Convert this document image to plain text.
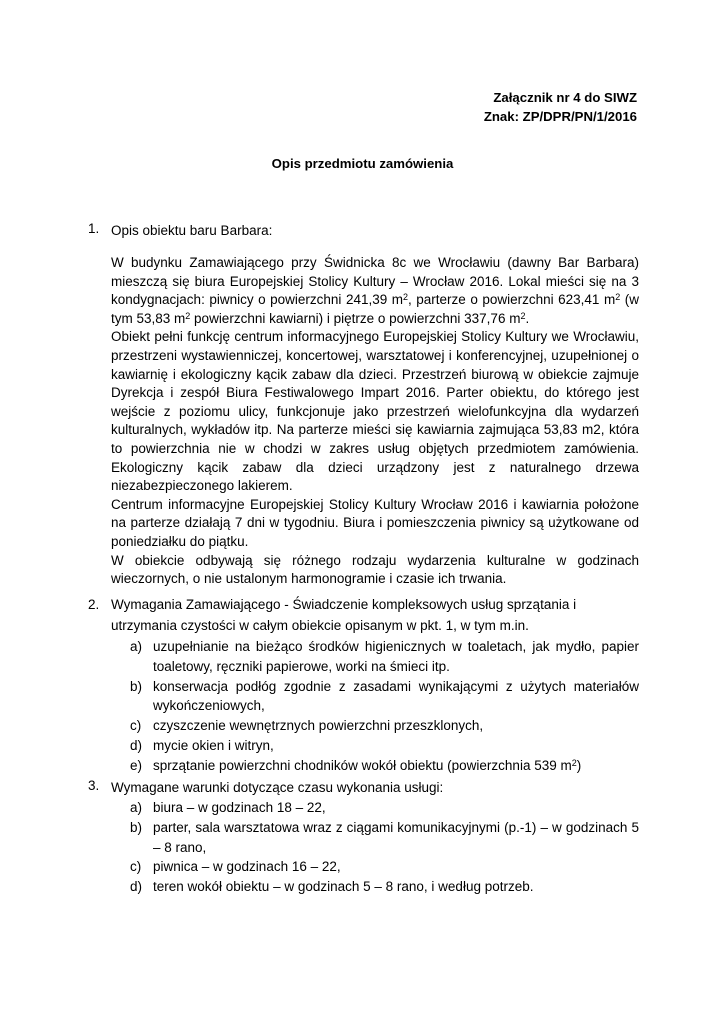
Załącznik nr 4 do SIWZ
Znak: ZP/DPR/PN/1/2016
Opis przedmiotu zamówienia
1. Opis obiektu baru Barbara:

W budynku Zamawiającego przy Świdnicka 8c we Wrocławiu (dawny Bar Barbara) mieszczą się biura Europejskiej Stolicy Kultury – Wrocław 2016. Lokal mieści się na 3 kondygnacjach: piwnicy o powierzchni 241,39 $m^2$, parterze o powierzchni 623,41 $m^2$ (w tym 53,83 $m^2$ powierzchni kawiarni) i piętrze o powierzchni 337,76 $m^2$.

Obiekt pełni funkcję centrum informacyjnego Europejskiej Stolicy Kultury we Wrocławiu, przestrzeni wystawienniczej, koncertowej, warsztatowej i konferencyjnej, uzupełnionej o kawiarnię i ekologiczny kącik zabaw dla dzieci. Przestrzeń biurową w obiekcie zajmuje Dyrekcja i zespół Biura Festiwalowego Impart 2016. Parter obiektu, do którego jest wejście z poziomu ulicy, funkcjonuje jako przestrzeń wielofunkcyjna dla wydarzeń kulturalnych, wykładów itp. Na parterze mieści się kawiarnia zajmująca 53,83 m2, która to powierzchnia nie w chodzi w zakres usług objętych przedmiotem zamówienia. Ekologiczny kącik zabaw dla dzieci urządzony jest z naturalnego drzewa niezabezpieczonego lakierem.

Centrum informacyjne Europejskiej Stolicy Kultury Wrocław 2016 i kawiarnia położone na parterze działają 7 dni w tygodniu. Biura i pomieszczenia piwnicy są użytkowane od poniedziałku do piątku.

W obiekcie odbywają się różnego rodzaju wydarzenia kulturalne w godzinach wieczornych, o nie ustalonym harmonogramie i czasie ich trwania.

2. Wymagania Zamawiającego - Świadczenie kompleksowych usług sprzątania i utrzymania czystości w całym obiekcie opisanym w pkt. 1, w tym m.in.
a) uzupełnianie na bieżąco środków higienicznych w toaletach, jak mydło, papier toaletowy, ręczniki papierowe, worki na śmieci itp.
b) konserwacja podłóg zgodnie z zasadami wynikającymi z użytych materiałów wykończeniowych,
c) czyszczenie wewnętrznych powierzchni przeszklonych,
d) mycie okien i witryn,
e) sprzątanie powierzchni chodników wokół obiektu (powierzchnia 539 $m^2$)
3. Wymagane warunki dotyczące czasu wykonania usługi:
a) biura – w godzinach 18 – 22,
b) parter, sala warsztatowa wraz z ciągami komunikacyjnymi (p.-1) – w godzinach 5 – 8 rano,
c) piwnica – w godzinach 16 – 22,
d) teren wokół obiektu – w godzinach 5 – 8 rano, i według potrzeb.
